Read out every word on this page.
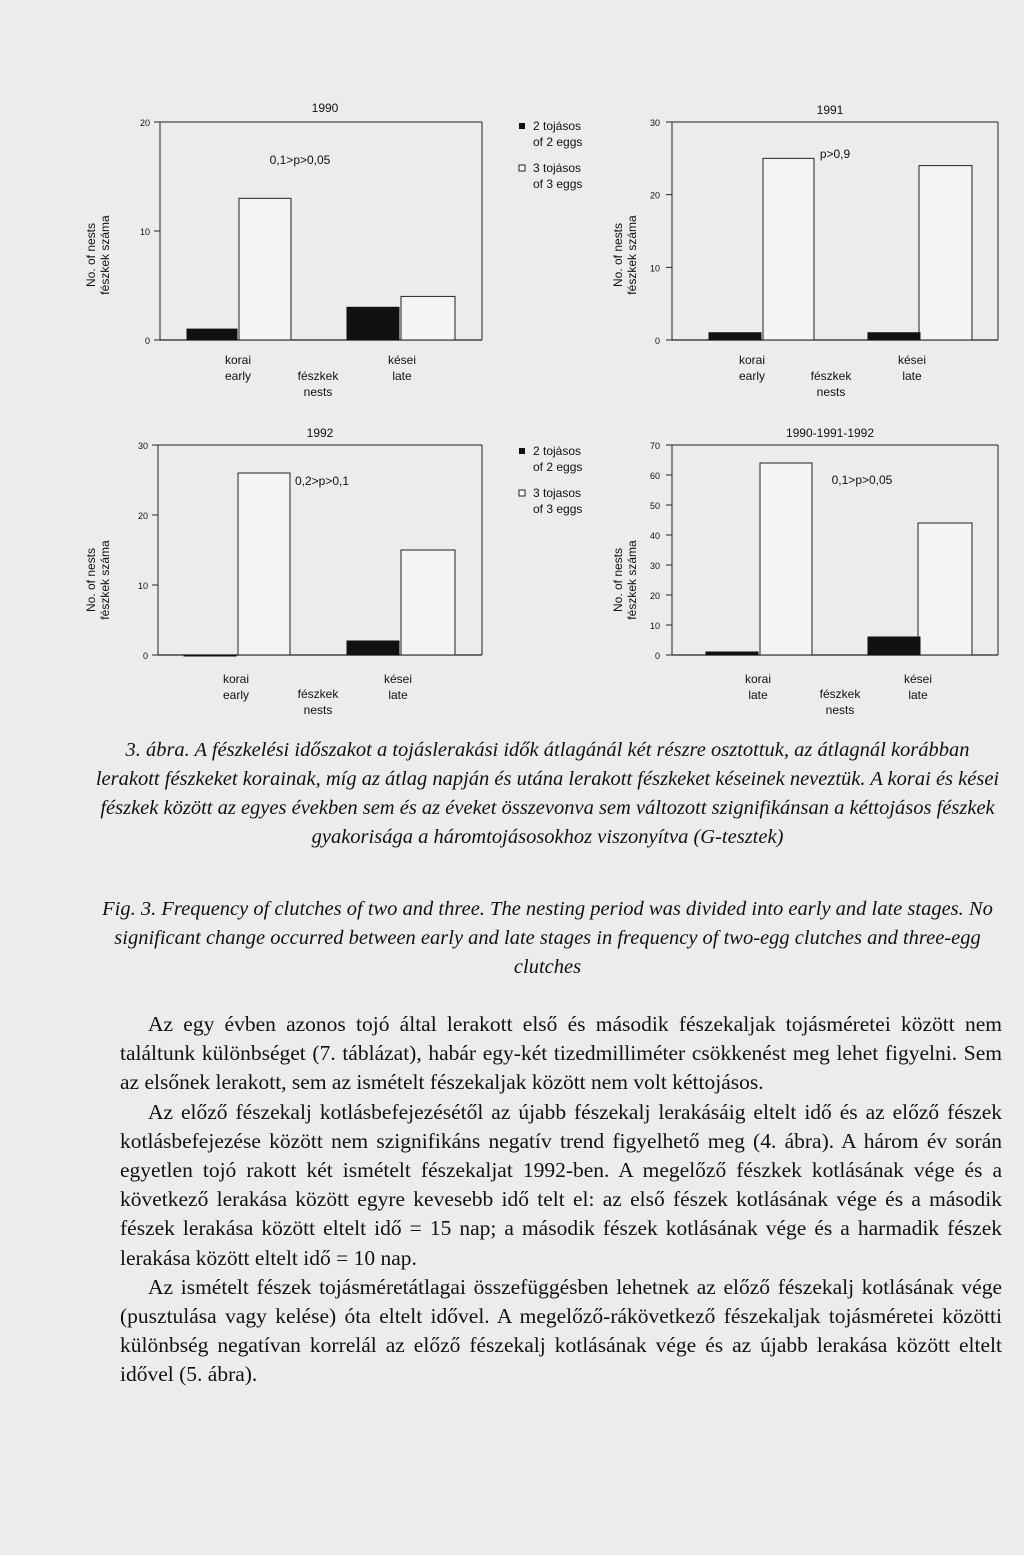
0
10
20
1990
0,1>p>0,05
No. of nests fészkek száma
korai
early
kései
late
fészkek
nests
0
10
20
30
1991
p>0,9
No. of nests fészkek száma
korai
early
kései
late
fészkek
nests
0
10
20
30
1992
0,2>p>0,1
No. of nests fészkek száma
korai
early
kései
late
fészkek
nests
0
10
20
30
40
50
60
70
1990-1991-1992
0,1>p>0,05
No. of nests fészkek száma
korai
late
kései
late
fészkek
nests
2 tojásos
of 2 eggs
3 tojásos
of 3 eggs
2 tojásos
of 2 eggs
3 tojasos
of 3 eggs
3. ábra. A fészkelési időszakot a tojáslerakási idők átlagánál két részre osztottuk, az átlagnál korábban lerakott fészkeket korainak, míg az átlag napján és utána lerakott fészkeket késeinek neveztük. A korai és kései fészkek között az egyes években sem és az éveket összevonva sem változott szignifikánsan a kéttojásos fészkek gyakorisága a háromtojásosokhoz viszonyítva (G-tesztek)
Fig. 3. Frequency of clutches of two and three. The nesting period was divided into early and late stages. No significant change occurred between early and late stages in frequency of two-egg clutches and three-egg clutches

Az egy évben azonos tojó által lerakott első és második fészekaljak tojásméretei között nem találtunk különbséget (7. táblázat), habár egy-két tizedmilliméter csökkenést meg lehet figyelni. Sem az elsőnek lerakott, sem az ismételt fészekaljak között nem volt kéttojásos.

Az előző fészekalj kotlásbefejezésétől az újabb fészekalj lerakásáig eltelt idő és az előző fészek kotlásbefejezése között nem szignifikáns negatív trend figyelhető meg (4. ábra). A három év során egyetlen tojó rakott két ismételt fészekaljat 1992-ben. A megelőző fészkek kotlásának vége és a következő lerakása között egyre kevesebb idő telt el: az első fészek kotlásának vége és a második fészek lerakása között eltelt idő = 15 nap; a második fészek kotlásának vége és a harmadik fészek lerakása között eltelt idő = 10 nap.

Az ismételt fészek tojásméretátlagai összefüggésben lehetnek az előző fészekalj kotlásának vége (pusztulása vagy kelése) óta eltelt idővel. A megelőző-rákövetkező fészekaljak tojásméretei közötti különbség negatívan korrelál az előző fészekalj kotlásának vége és az újabb lerakása között eltelt idővel (5. ábra).
